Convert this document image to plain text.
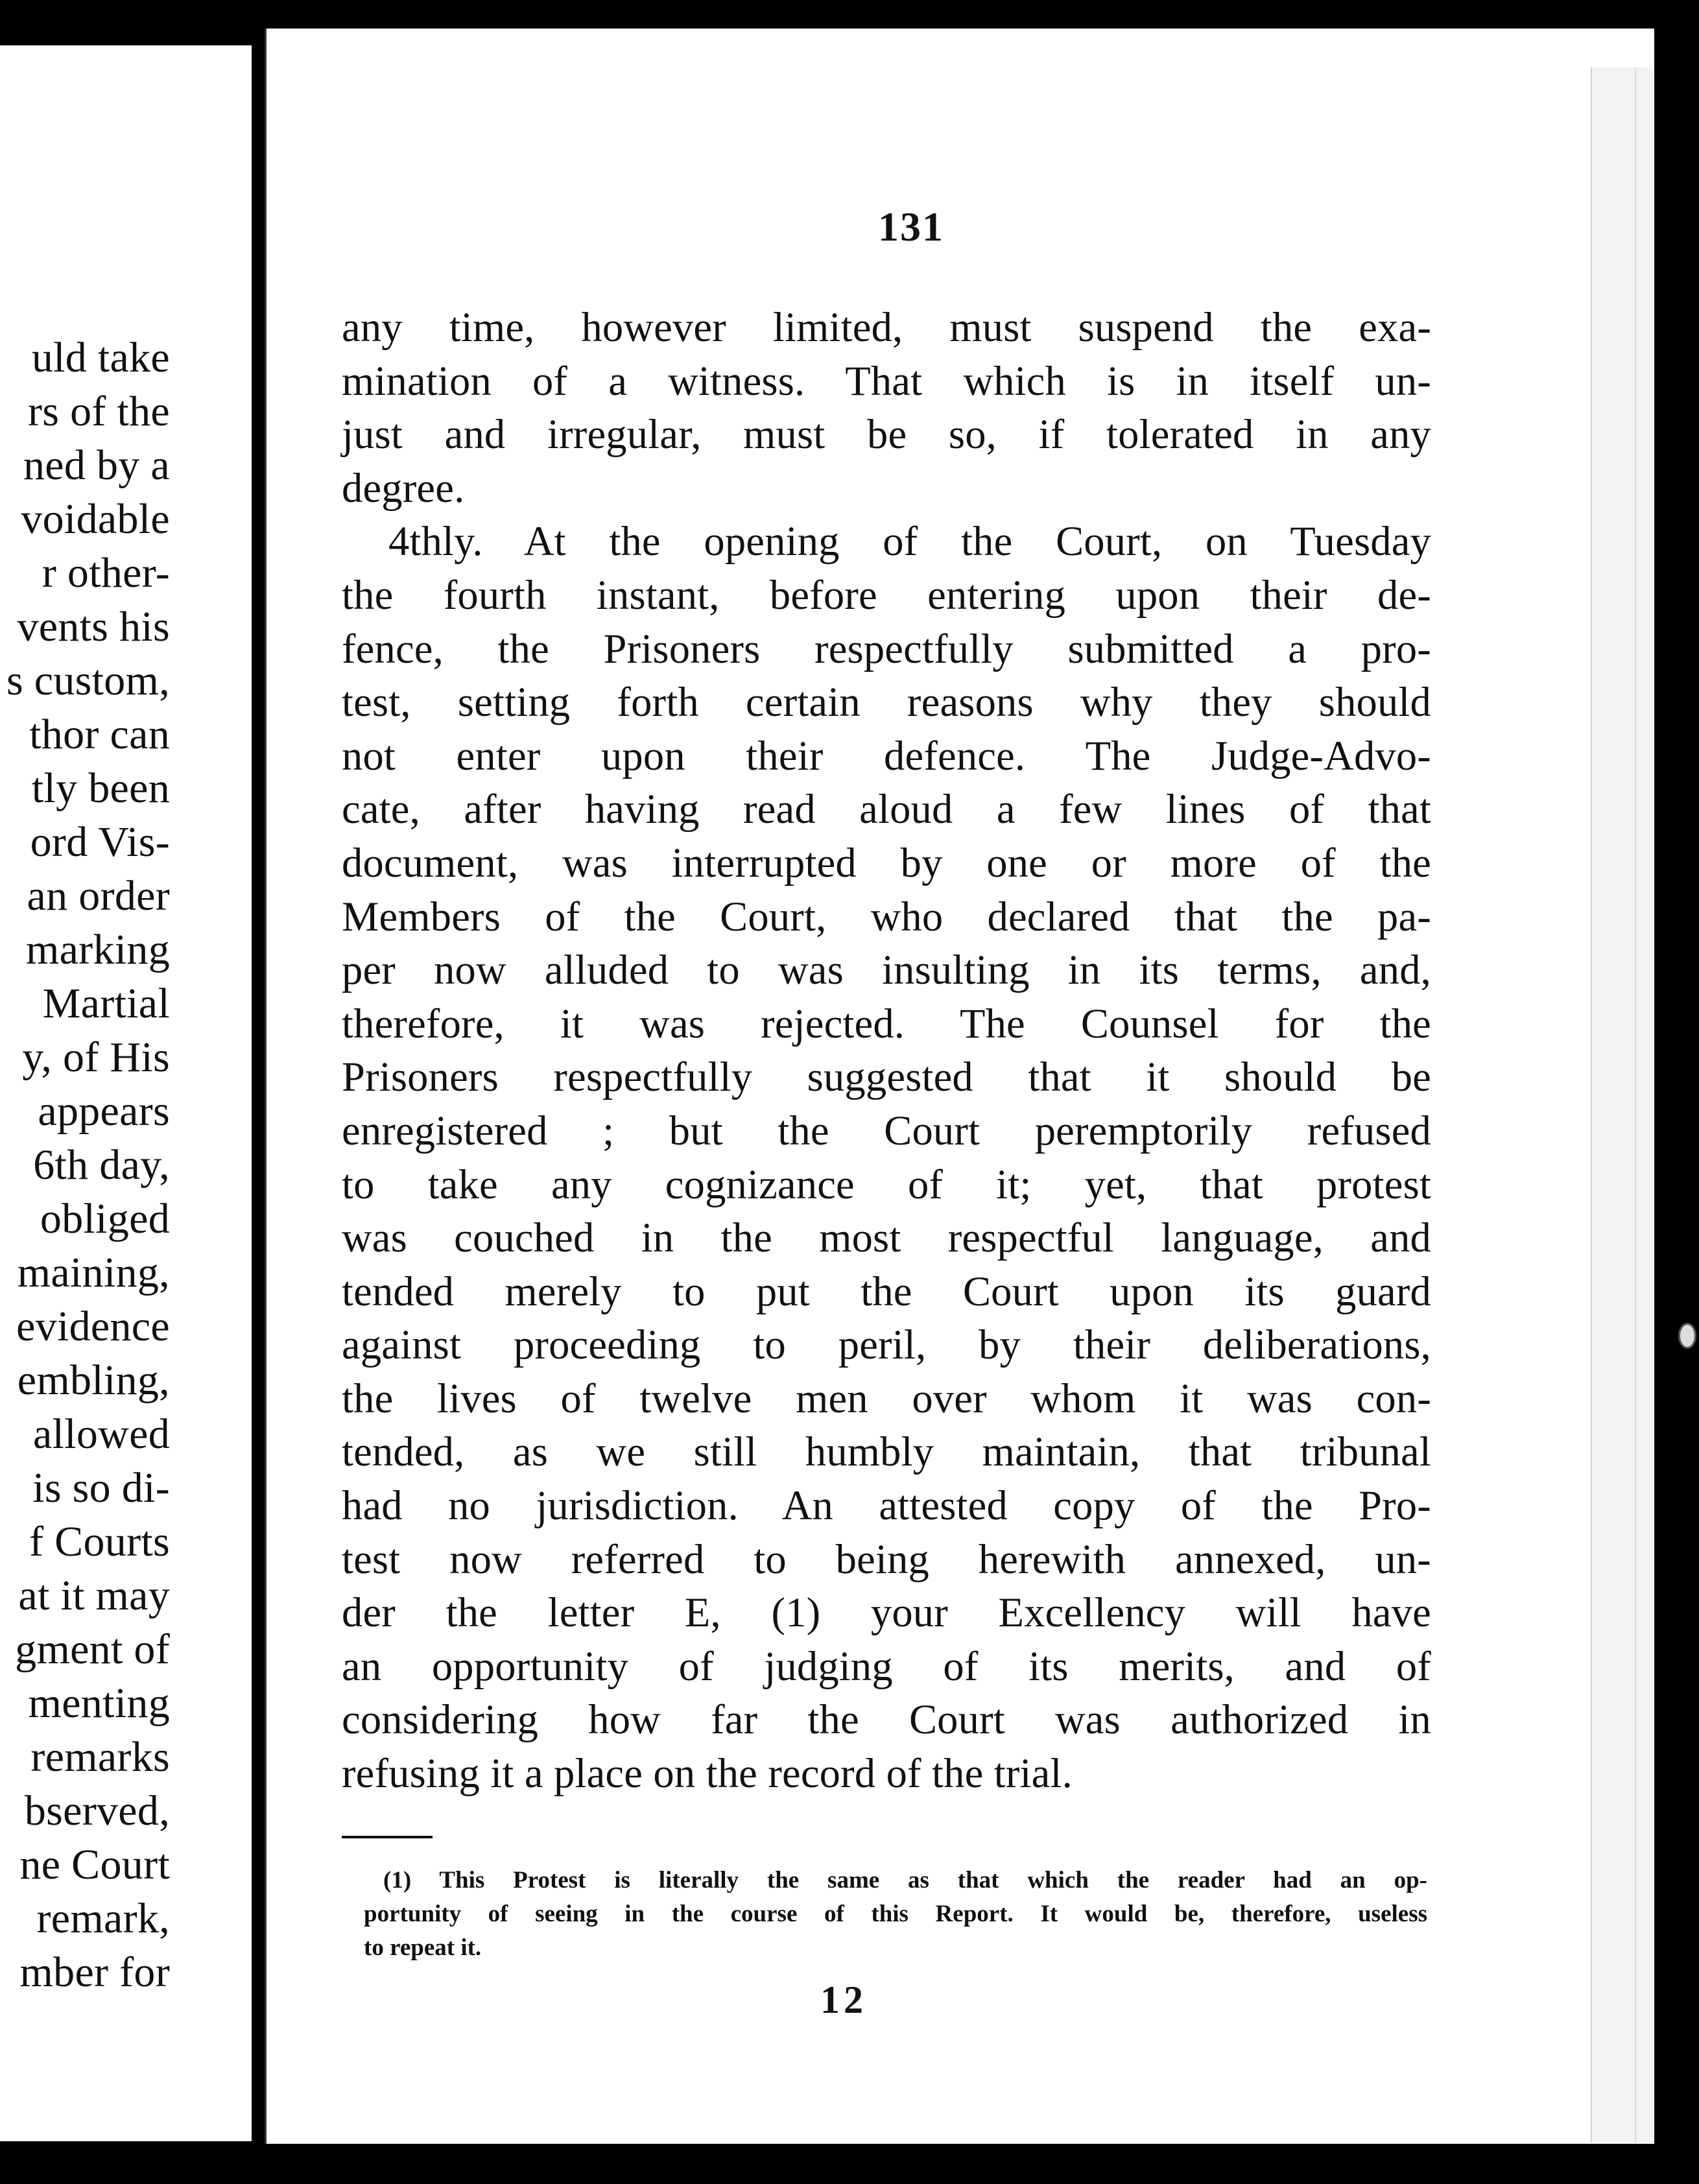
uld take
rs of the
ned by a
voidable
r other-
vents his
s custom,
thor can
tly been
ord Vis-
an order
marking
Martial
y, of His
appears
6th day,
obliged
maining,
evidence
embling,
allowed
is so di-
f Courts
at it may
gment of
menting
remarks
bserved,
ne Court
remark,
mber for
131
any time, however limited, must suspend the exa-
mination of a witness. That which is in itself un-
just and irregular, must be so, if tolerated in any
degree.
4thly. At the opening of the Court, on Tuesday
the fourth instant, before entering upon their de-
fence, the Prisoners respectfully submitted a pro-
test, setting forth certain reasons why they should
not enter upon their defence. The Judge-Advo-
cate, after having read aloud a few lines of that
document, was interrupted by one or more of the
Members of the Court, who declared that the pa-
per now alluded to was insulting in its terms, and,
therefore, it was rejected. The Counsel for the
Prisoners respectfully suggested that it should be
enregistered ; but the Court peremptorily refused
to take any cognizance of it; yet, that protest
was couched in the most respectful language, and
tended merely to put the Court upon its guard
against proceeding to peril, by their deliberations,
the lives of twelve men over whom it was con-
tended, as we still humbly maintain, that tribunal
had no jurisdiction. An attested copy of the Pro-
test now referred to being herewith annexed, un-
der the letter E, (1) your Excellency will have
an opportunity of judging of its merits, and of
considering how far the Court was authorized in
refusing it a place on the record of the trial.
(1) This Protest is literally the same as that which the reader had an op-
portunity of seeing in the course of this Report. It would be, therefore, useless
to repeat it.
12
